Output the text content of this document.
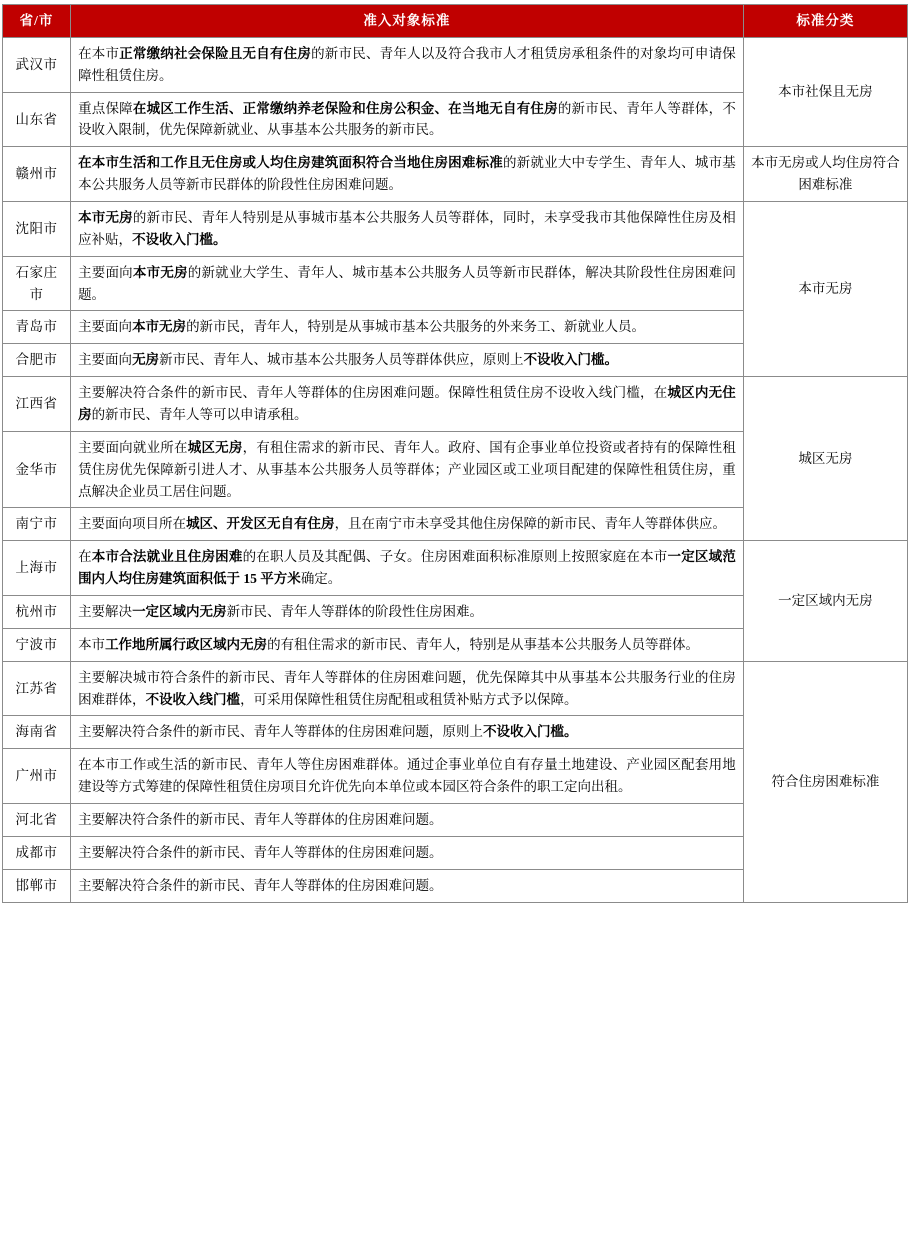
省/市	准入对象标准	标准分类
武汉市	在本市正常缴纳社会保险且无自有住房的新市民、青年人以及符合我市人才租赁房承租条件的对象均可申请保障性租赁住房。	本市社保且无房
山东省	重点保障在城区工作生活、正常缴纳养老保险和住房公积金、在当地无自有住房的新市民、青年人等群体，不设收入限制，优先保障新就业、从事基本公共服务的新市民。	
赣州市	在本市生活和工作且无住房或人均住房建筑面积符合当地住房困难标准的新就业大中专学生、青年人、城市基本公共服务人员等新市民群体的阶段性住房困难问题。	本市无房或人均住房符合困难标准
沈阳市	本市无房的新市民、青年人特别是从事城市基本公共服务人员等群体，同时，未享受我市其他保障性住房及相应补贴，不设收入门槛。	本市无房
石家庄市	主要面向本市无房的新就业大学生、青年人、城市基本公共服务人员等新市民群体，解决其阶段性住房困难问题。	
青岛市	主要面向本市无房的新市民，青年人，特别是从事城市基本公共服务的外来务工、新就业人员。	
合肥市	主要面向无房新市民、青年人、城市基本公共服务人员等群体供应，原则上不设收入门槛。	
江西省	主要解决符合条件的新市民、青年人等群体的住房困难问题。保障性租赁住房不设收入线门槛，在城区内无住房的新市民、青年人等可以申请承租。	城区无房
金华市	主要面向就业所在城区无房，有租住需求的新市民、青年人。政府、国有企事业单位投资或者持有的保障性租赁住房优先保障新引进人才、从事基本公共服务人员等群体；产业园区或工业项目配建的保障性租赁住房，重点解决企业员工居住问题。	
南宁市	主要面向项目所在城区、开发区无自有住房，且在南宁市未享受其他住房保障的新市民、青年人等群体供应。	
上海市	在本市合法就业且住房困难的在职人员及其配偶、子女。住房困难面积标准原则上按照家庭在本市一定区域范围内人均住房建筑面积低于 15 平方米确定。	一定区域内无房
杭州市	主要解决一定区域内无房新市民、青年人等群体的阶段性住房困难。	
宁波市	本市工作地所属行政区域内无房的有租住需求的新市民、青年人，特别是从事基本公共服务人员等群体。	
江苏省	主要解决城市符合条件的新市民、青年人等群体的住房困难问题，优先保障其中从事基本公共服务行业的住房困难群体，不设收入线门槛，可采用保障性租赁住房配租或租赁补贴方式予以保障。	符合住房困难标准
海南省	主要解决符合条件的新市民、青年人等群体的住房困难问题，原则上不设收入门槛。	
广州市	在本市工作或生活的新市民、青年人等住房困难群体。通过企事业单位自有存量土地建设、产业园区配套用地建设等方式筹建的保障性租赁住房项目允许优先向本单位或本园区符合条件的职工定向出租。	
河北省	主要解决符合条件的新市民、青年人等群体的住房困难问题。	
成都市	主要解决符合条件的新市民、青年人等群体的住房困难问题。	
邯郸市	主要解决符合条件的新市民、青年人等群体的住房困难问题。	
